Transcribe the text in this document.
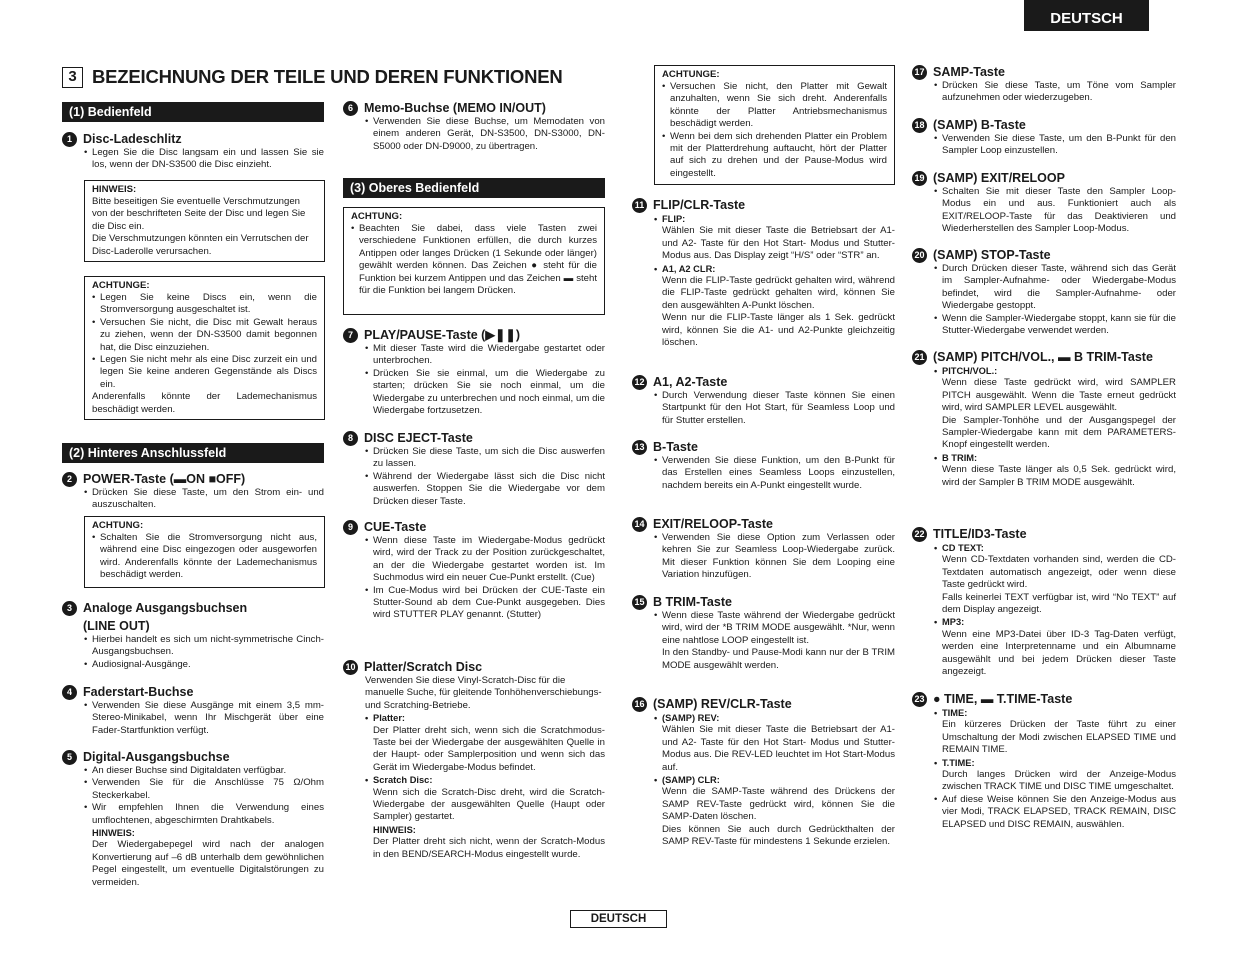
DEUTSCH
3 BEZEICHNUNG DER TEILE UND DEREN FUNKTIONEN
(1) Bedienfeld
1 Disc-Ladeschlitz
• Legen Sie die Disc langsam ein und lassen Sie sie los, wenn der DN-S3500 die Disc einzieht.
HINWEIS:
Bitte beseitigen Sie eventuelle Verschmutzungen von der beschrifteten Seite der Disc und legen Sie die Disc ein.
Die Verschmutzungen könnten ein Verrutschen der Disc-Laderolle verursachen.
ACHTUNGE:
• Legen Sie keine Discs ein, wenn die Stromversorgung ausgeschaltet ist.
• Versuchen Sie nicht, die Disc mit Gewalt heraus zu ziehen, wenn der DN-S3500 damit begonnen hat, die Disc einzuziehen.
• Legen Sie nicht mehr als eine Disc zurzeit ein und legen Sie keine anderen Gegenstände als Discs ein.
Anderenfalls könnte der Lademechanismus beschädigt werden.
(2) Hinteres Anschlussfeld
2 POWER-Taste (▬ON ■OFF)
• Drücken Sie diese Taste, um den Strom ein- und auszuschalten.
ACHTUNG:
• Schalten Sie die Stromversorgung nicht aus, während eine Disc eingezogen oder ausgeworfen wird. Anderenfalls könnte der Lademechanismus beschädigt werden.
3 Analoge Ausgangsbuchsen
(LINE OUT)
• Hierbei handelt es sich um nicht-symmetrische Cinch-Ausgangsbuchsen.
• Audiosignal-Ausgänge.
4 Faderstart-Buchse
• Verwenden Sie diese Ausgänge mit einem 3,5 mm-Stereo-Minikabel, wenn Ihr Mischgerät über eine Fader-Startfunktion verfügt.
5 Digital-Ausgangsbuchse
• An dieser Buchse sind Digitaldaten verfügbar.
• Verwenden Sie für die Anschlüsse 75 Ω/Ohm Steckerkabel.
• Wir empfehlen Ihnen die Verwendung eines umflochtenen, abgeschirmten Drahtkabels.
HINWEIS:
Der Wiedergabepegel wird nach der analogen Konvertierung auf –6 dB unterhalb dem gewöhnlichen Pegel eingestellt, um eventuelle Digitalstörungen zu vermeiden.
6 Memo-Buchse (MEMO IN/OUT)
• Verwenden Sie diese Buchse, um Memodaten von einem anderen Gerät, DN-S3500, DN-S3000, DN-S5000 oder DN-D9000, zu übertragen.
(3) Oberes Bedienfeld
ACHTUNG:
• Beachten Sie dabei, dass viele Tasten zwei verschiedene Funktionen erfüllen, die durch kurzes Antippen oder langes Drücken (1 Sekunde oder länger) gewählt werden können. Das Zeichen ● steht für die Funktion bei kurzem Antippen und das Zeichen ▬ steht für die Funktion bei langem Drücken.
7 PLAY/PAUSE-Taste (▶❚❚)
• Mit dieser Taste wird die Wiedergabe gestartet oder unterbrochen.
• Drücken Sie sie einmal, um die Wiedergabe zu starten; drücken Sie sie noch einmal, um die Wiedergabe zu unterbrechen und noch einmal, um die Wiedergabe fortzusetzen.
8 DISC EJECT-Taste
• Drücken Sie diese Taste, um sich die Disc auswerfen zu lassen.
• Während der Wiedergabe lässt sich die Disc nicht auswerfen. Stoppen Sie die Wiedergabe vor dem Drücken dieser Taste.
9 CUE-Taste
• Wenn diese Taste im Wiedergabe-Modus gedrückt wird, wird der Track zu der Position zurückgeschaltet, an der die Wiedergabe gestartet worden ist. Im Suchmodus wird ein neuer Cue-Punkt erstellt. (Cue)
• Im Cue-Modus wird bei Drücken der CUE-Taste ein Stutter-Sound ab dem Cue-Punkt ausgegeben. Dies wird STUTTER PLAY genannt. (Stutter)
10 Platter/Scratch Disc
Verwenden Sie diese Vinyl-Scratch-Disc für die manuelle Suche, für gleitende Tonhöhenverschiebungs- und Scratching-Betriebe.
• Platter:
Der Platter dreht sich, wenn sich die Scratchmodus-Taste bei der Wiedergabe der ausgewählten Quelle in der Haupt- oder Samplerposition und wenn sich das Gerät im Wiedergabe-Modus befindet.
• Scratch Disc:
Wenn sich die Scratch-Disc dreht, wird die Scratch-Wiedergabe der ausgewählten Quelle (Haupt oder Sampler) gestartet.
HINWEIS:
Der Platter dreht sich nicht, wenn der Scratch-Modus in den BEND/SEARCH-Modus eingestellt wurde.
ACHTUNGE:
• Versuchen Sie nicht, den Platter mit Gewalt anzuhalten, wenn Sie sich dreht. Anderenfalls könnte der Platter Antriebsmechanismus beschädigt werden.
• Wenn bei dem sich drehenden Platter ein Problem mit der Platterdrehung auftaucht, hört der Platter auf sich zu drehen und der Pause-Modus wird eingestellt.
11 FLIP/CLR-Taste
• FLIP:
Wählen Sie mit dieser Taste die Betriebsart der A1- und A2- Taste für den Hot Start- Modus und Stutter-Modus aus. Das Display zeigt “H/S” oder “STR” an.
• A1, A2 CLR:
Wenn die FLIP-Taste gedrückt gehalten wird, während die FLIP-Taste gedrückt gehalten wird, können Sie den ausgewählten A-Punkt löschen.
Wenn nur die FLIP-Taste länger als 1 Sek. gedrückt wird, können Sie die A1- und A2-Punkte gleichzeitig löschen.
12 A1, A2-Taste
• Durch Verwendung dieser Taste können Sie einen Startpunkt für den Hot Start, für Seamless Loop und für Stutter erstellen.
13 B-Taste
• Verwenden Sie diese Funktion, um den B-Punkt für das Erstellen eines Seamless Loops einzustellen, nachdem bereits ein A-Punkt eingestellt wurde.
14 EXIT/RELOOP-Taste
• Verwenden Sie diese Option zum Verlassen oder kehren Sie zur Seamless Loop-Wiedergabe zurück. Mit dieser Funktion können Sie dem Looping eine Variation hinzufügen.
15 B TRIM-Taste
• Wenn diese Taste während der Wiedergabe gedrückt wird, wird der *B TRIM MODE ausgewählt. *Nur, wenn eine nahtlose LOOP eingestellt ist.
In den Standby- und Pause-Modi kann nur der B TRIM MODE ausgewählt werden.
16 (SAMP) REV/CLR-Taste
• (SAMP) REV:
Wählen Sie mit dieser Taste die Betriebsart der A1- und A2- Taste für den Hot Start- Modus und Stutter-Modus aus. Die REV-LED leuchtet im Hot Start-Modus auf.
• (SAMP) CLR:
Wenn die SAMP-Taste während des Drückens der SAMP REV-Taste gedrückt wird, können Sie die SAMP-Daten löschen.
Dies können Sie auch durch Gedrückthalten der SAMP REV-Taste für mindestens 1 Sekunde erzielen.
17 SAMP-Taste
• Drücken Sie diese Taste, um Töne vom Sampler aufzunehmen oder wiederzugeben.
18 (SAMP) B-Taste
• Verwenden Sie diese Taste, um den B-Punkt für den Sampler Loop einzustellen.
19 (SAMP) EXIT/RELOOP
• Schalten Sie mit dieser Taste den Sampler Loop-Modus ein und aus. Funktioniert auch als EXIT/RELOOP-Taste für das Deaktivieren und Wiederherstellen des Sampler Loop-Modus.
20 (SAMP) STOP-Taste
• Durch Drücken dieser Taste, während sich das Gerät im Sampler-Aufnahme- oder Wiedergabe-Modus befindet, wird die Sampler-Aufnahme- oder Wiedergabe gestoppt.
• Wenn die Sampler-Wiedergabe stoppt, kann sie für die Stutter-Wiedergabe verwendet werden.
21 (SAMP) PITCH/VOL., ▬ B TRIM-Taste
• PITCH/VOL.:
Wenn diese Taste gedrückt wird, wird SAMPLER PITCH ausgewählt. Wenn die Taste erneut gedrückt wird, wird SAMPLER LEVEL ausgewählt.
Die Sampler-Tonhöhe und der Ausgangspegel der Sampler-Wiedergabe kann mit dem PARAMETERS-Knopf eingestellt werden.
• B TRIM:
Wenn diese Taste länger als 0,5 Sek. gedrückt wird, wird der Sampler B TRIM MODE ausgewählt.
22 TITLE/ID3-Taste
• CD TEXT:
Wenn CD-Textdaten vorhanden sind, werden die CD-Textdaten automatisch angezeigt, oder wenn diese Taste gedrückt wird.
Falls keinerlei TEXT verfügbar ist, wird “No TEXT” auf dem Display angezeigt.
• MP3:
Wenn eine MP3-Datei über ID-3 Tag-Daten verfügt, werden eine Interpretenname und ein Albumname ausgewählt und bei jedem Drücken dieser Taste angezeigt.
23 ● TIME, ▬ T.TIME-Taste
• TIME:
Ein kürzeres Drücken der Taste führt zu einer Umschaltung der Modi zwischen ELAPSED TIME und REMAIN TIME.
• T.TIME:
Durch langes Drücken wird der Anzeige-Modus zwischen TRACK TIME und DISC TIME umgeschaltet.
• Auf diese Weise können Sie den Anzeige-Modus aus vier Modi, TRACK ELAPSED, TRACK REMAIN, DISC ELAPSED und DISC REMAIN, auswählen.
DEUTSCH
